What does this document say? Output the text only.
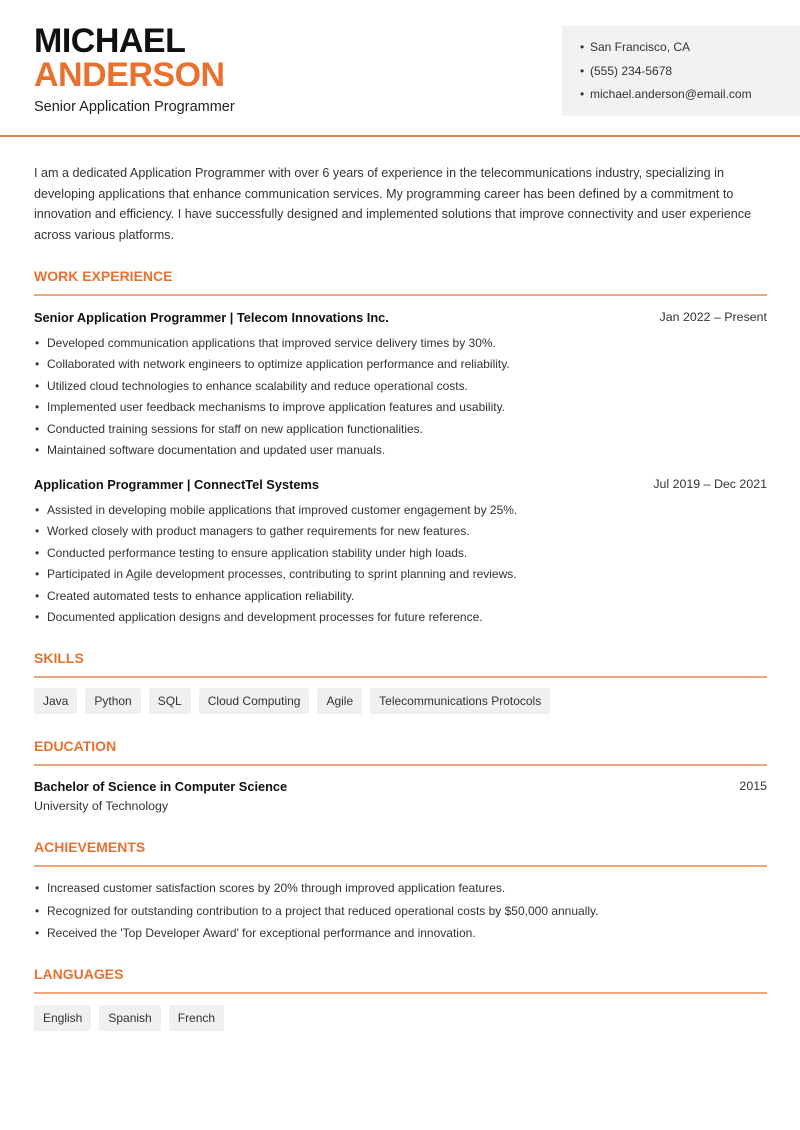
MICHAEL
ANDERSON
Senior Application Programmer
• San Francisco, CA
• (555) 234-5678
• michael.anderson@email.com

I am a dedicated Application Programmer with over 6 years of experience in the telecommunications industry, specializing in developing applications that enhance communication services. My programming career has been defined by a commitment to innovation and efficiency. I have successfully designed and implemented solutions that improve connectivity and user experience across various platforms.

WORK EXPERIENCE
Senior Application Programmer | Telecom Innovations Inc.	Jan 2022 – Present
• Developed communication applications that improved service delivery times by 30%.
• Collaborated with network engineers to optimize application performance and reliability.
• Utilized cloud technologies to enhance scalability and reduce operational costs.
• Implemented user feedback mechanisms to improve application features and usability.
• Conducted training sessions for staff on new application functionalities.
• Maintained software documentation and updated user manuals.
Application Programmer | ConnectTel Systems	Jul 2019 – Dec 2021
• Assisted in developing mobile applications that improved customer engagement by 25%.
• Worked closely with product managers to gather requirements for new features.
• Conducted performance testing to ensure application stability under high loads.
• Participated in Agile development processes, contributing to sprint planning and reviews.
• Created automated tests to enhance application reliability.
• Documented application designs and development processes for future reference.
SKILLS
Java	Python	SQL	Cloud Computing	Agile	Telecommunications Protocols
EDUCATION
Bachelor of Science in Computer Science	2015
University of Technology
ACHIEVEMENTS
• Increased customer satisfaction scores by 20% through improved application features.
• Recognized for outstanding contribution to a project that reduced operational costs by $50,000 annually.
• Received the 'Top Developer Award' for exceptional performance and innovation.
LANGUAGES
English	Spanish	French
